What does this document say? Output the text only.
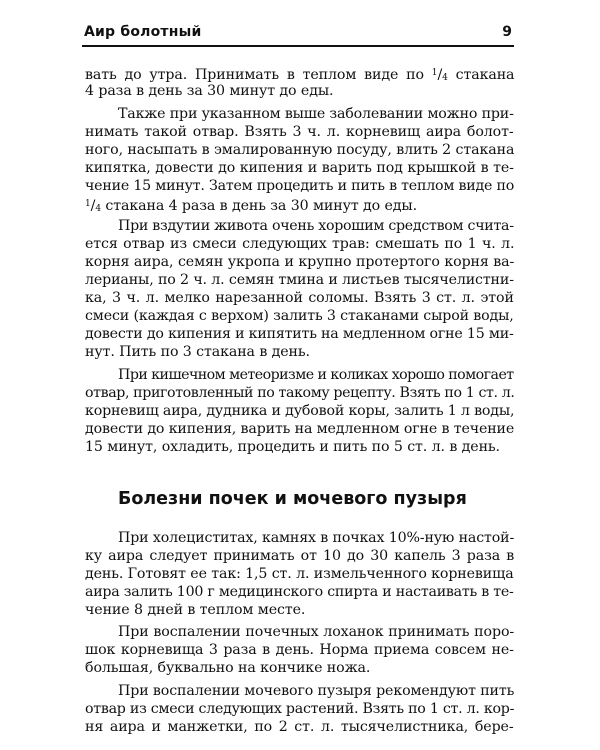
Аир болотный	9
вать до утра. Принимать в теплом виде по $^1/_4$ стакана
4 раза в день за 30 минут до еды.
Также при указанном выше заболевании можно при-
нимать такой отвар. Взять 3 ч. л. корневищ аира болот-
ного, насыпать в эмалированную посуду, влить 2 стакана
кипятка, довести до кипения и варить под крышкой в те-
чение 15 минут. Затем процедить и пить в теплом виде по
$^1/_4$ стакана 4 раза в день за 30 минут до еды.
При вздутии живота очень хорошим средством счита-
ется отвар из смеси следующих трав: смешать по 1 ч. л.
корня аира, семян укропа и крупно протертого корня ва-
лерианы, по 2 ч. л. семян тмина и листьев тысячелистни-
ка, 3 ч. л. мелко нарезанной соломы. Взять 3 ст. л. этой
смеси (каждая с верхом) залить 3 стаканами сырой воды,
довести до кипения и кипятить на медленном огне 15 ми-
нут. Пить по 3 стакана в день.
При кишечном метеоризме и коликах хорошо помогает
отвар, приготовленный по такому рецепту. Взять по 1 ст. л.
корневищ аира, дудника и дубовой коры, залить 1 л воды,
довести до кипения, варить на медленном огне в течение
15 минут, охладить, процедить и пить по 5 ст. л. в день.
Болезни почек и мочевого пузыря
При холециститах, камнях в почках 10%-ную настой-
ку аира следует принимать от 10 до 30 капель 3 раза в
день. Готовят ее так: 1,5 ст. л. измельченного корневища
аира залить 100 г медицинского спирта и настаивать в те-
чение 8 дней в теплом месте.
При воспалении почечных лоханок принимать поро-
шок корневища 3 раза в день. Норма приема совсем не-
большая, буквально на кончике ножа.
При воспалении мочевого пузыря рекомендуют пить
отвар из смеси следующих растений. Взять по 1 ст. л. кор-
ня аира и манжетки, по 2 ст. л. тысячелистника, бере-
